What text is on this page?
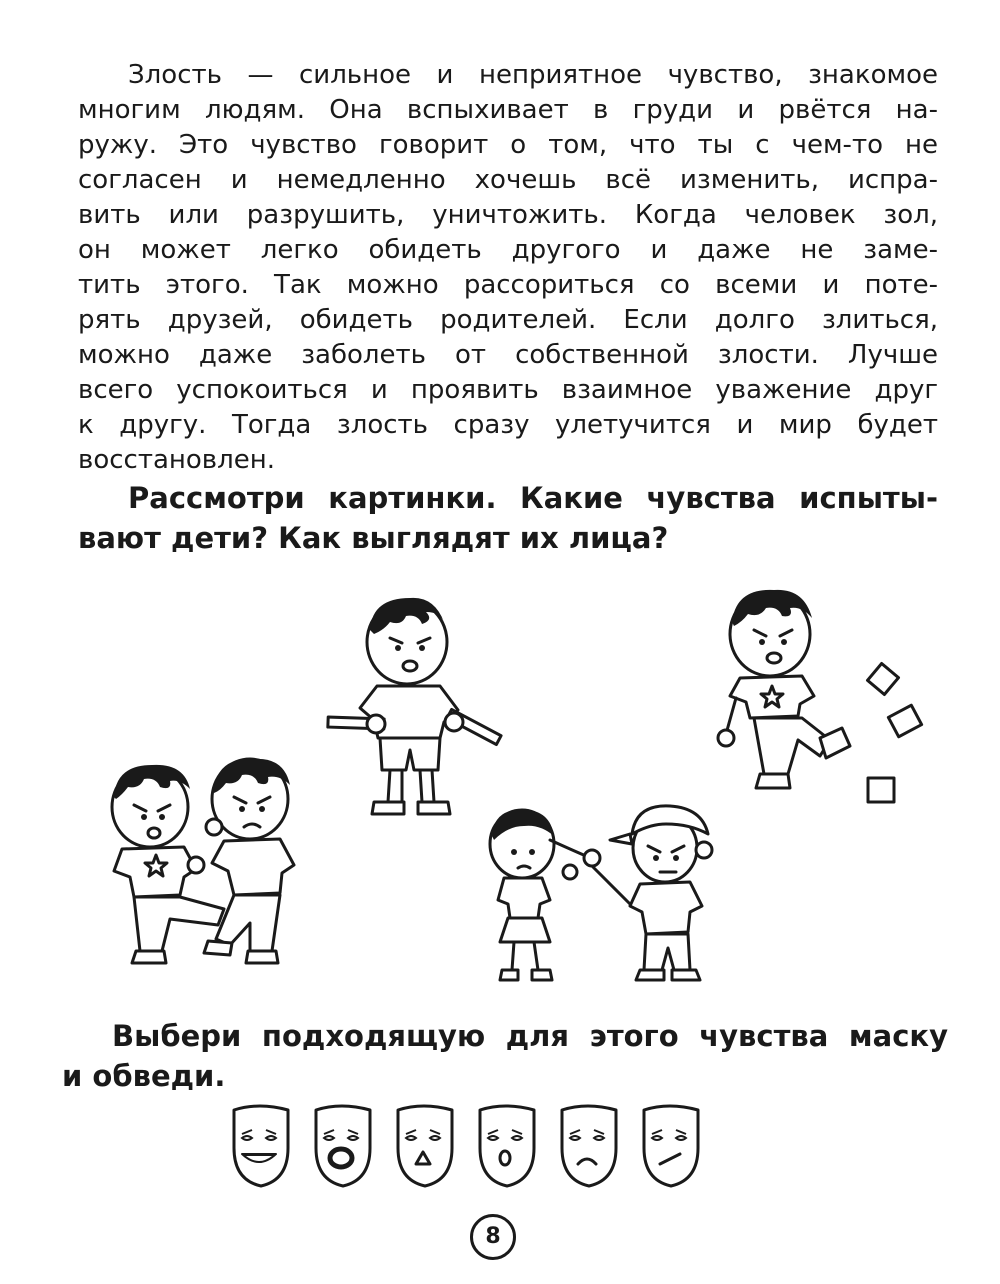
Злость — сильное и неприятное чувство, знакомое
многим людям. Она вспыхивает в груди и рвётся на-
ружу. Это чувство говорит о том, что ты с чем-то не
согласен и немедленно хочешь всё изменить, испра-
вить или разрушить, уничтожить. Когда человек зол,
он может легко обидеть другого и даже не заме-
тить этого. Так можно рассориться со всеми и поте-
рять друзей, обидеть родителей. Если долго злиться,
можно даже заболеть от собственной злости. Лучше
всего успокоиться и проявить взаимное уважение друг
к другу. Тогда злость сразу улетучится и мир будет
восстановлен.
Рассмотри картинки. Какие чувства испыты-
вают дети? Как выглядят их лица?
Выбери подходящую для этого чувства маску
и обведи.
8
